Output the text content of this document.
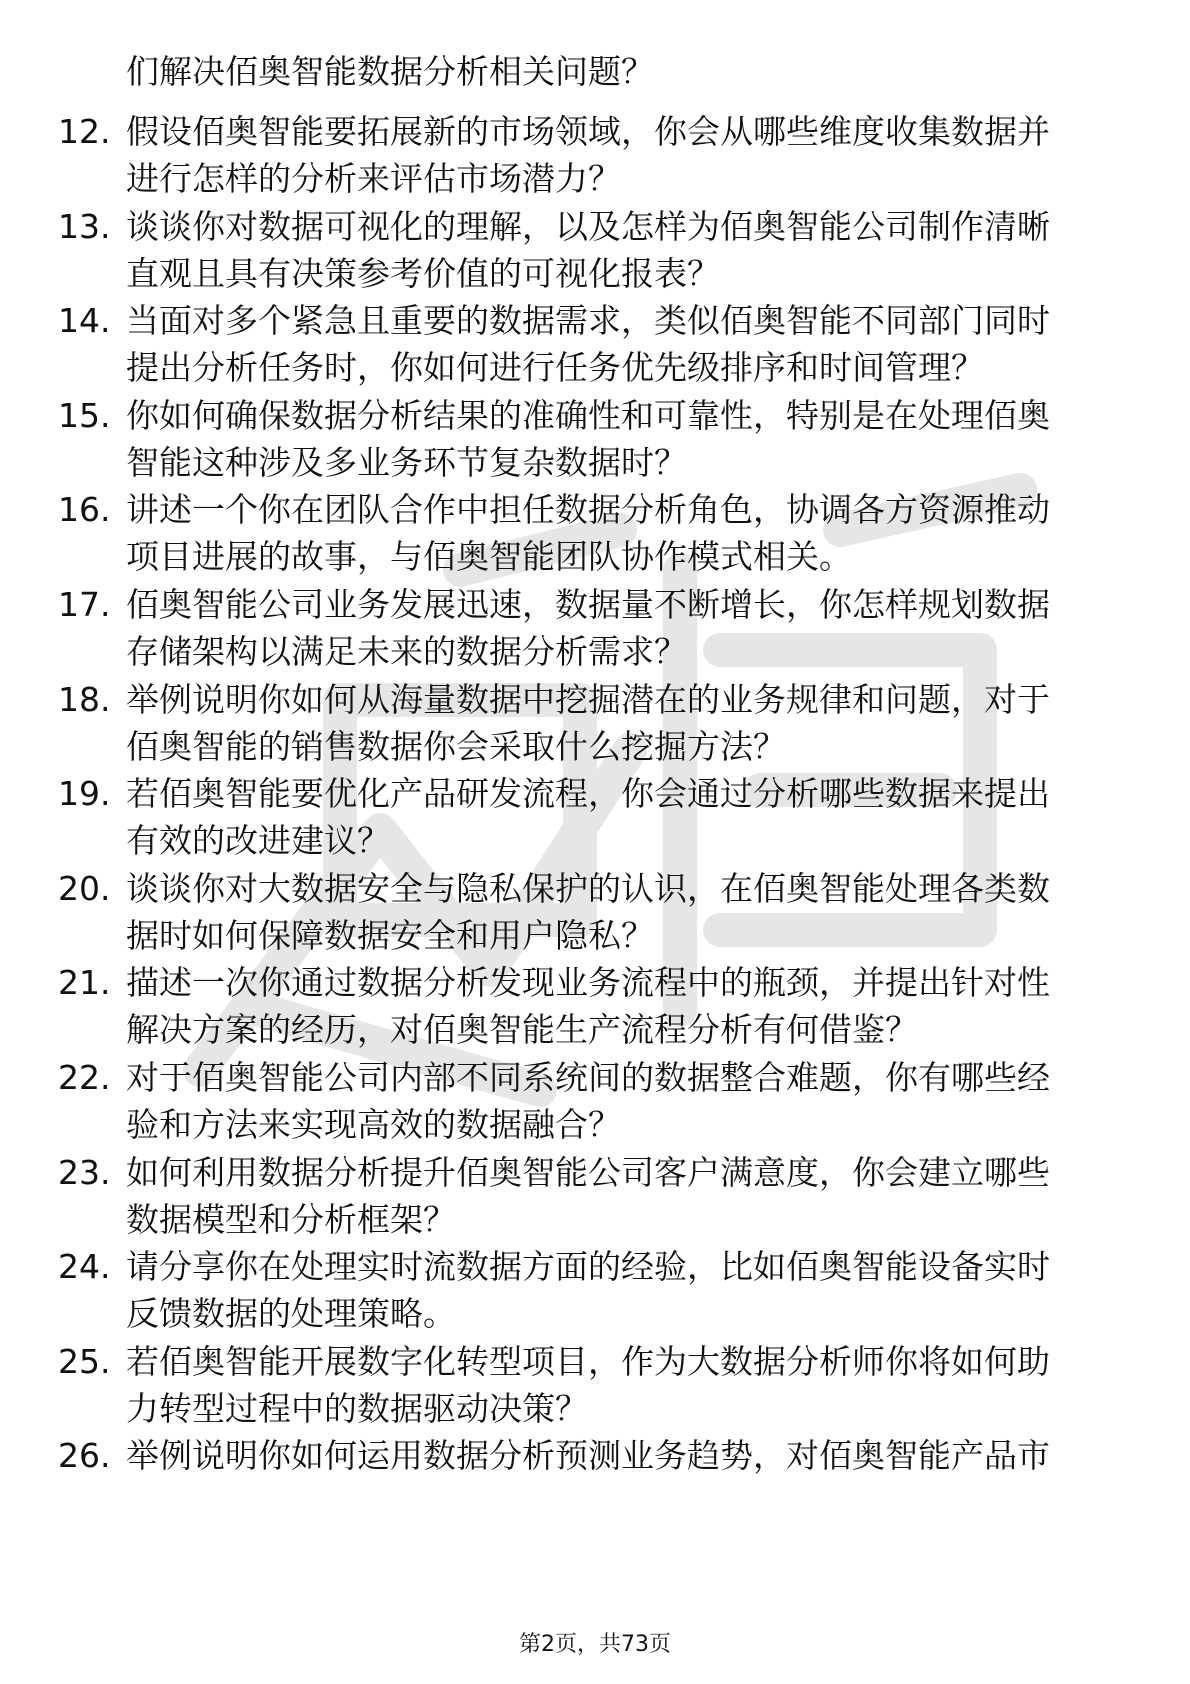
们解决佰奥智能数据分析相关问题？
12. 假设佰奥智能要拓展新的市场领域，你会从哪些维度收集数据并
进行怎样的分析来评估市场潜力？
13. 谈谈你对数据可视化的理解，以及怎样为佰奥智能公司制作清晰
直观且具有决策参考价值的可视化报表？
14. 当面对多个紧急且重要的数据需求，类似佰奥智能不同部门同时
提出分析任务时，你如何进行任务优先级排序和时间管理？
15. 你如何确保数据分析结果的准确性和可靠性，特别是在处理佰奥
智能这种涉及多业务环节复杂数据时？
16. 讲述一个你在团队合作中担任数据分析角色，协调各方资源推动
项目进展的故事，与佰奥智能团队协作模式相关。
17. 佰奥智能公司业务发展迅速，数据量不断增长，你怎样规划数据
存储架构以满足未来的数据分析需求？
18. 举例说明你如何从海量数据中挖掘潜在的业务规律和问题，对于
佰奥智能的销售数据你会采取什么挖掘方法？
19. 若佰奥智能要优化产品研发流程，你会通过分析哪些数据来提出
有效的改进建议？
20. 谈谈你对大数据安全与隐私保护的认识，在佰奥智能处理各类数
据时如何保障数据安全和用户隐私？
21. 描述一次你通过数据分析发现业务流程中的瓶颈，并提出针对性
解决方案的经历，对佰奥智能生产流程分析有何借鉴？
22. 对于佰奥智能公司内部不同系统间的数据整合难题，你有哪些经
验和方法来实现高效的数据融合？
23. 如何利用数据分析提升佰奥智能公司客户满意度，你会建立哪些
数据模型和分析框架？
24. 请分享你在处理实时流数据方面的经验，比如佰奥智能设备实时
反馈数据的处理策略。
25. 若佰奥智能开展数字化转型项目，作为大数据分析师你将如何助
力转型过程中的数据驱动决策？
26. 举例说明你如何运用数据分析预测业务趋势，对佰奥智能产品市
第2页，共73页
